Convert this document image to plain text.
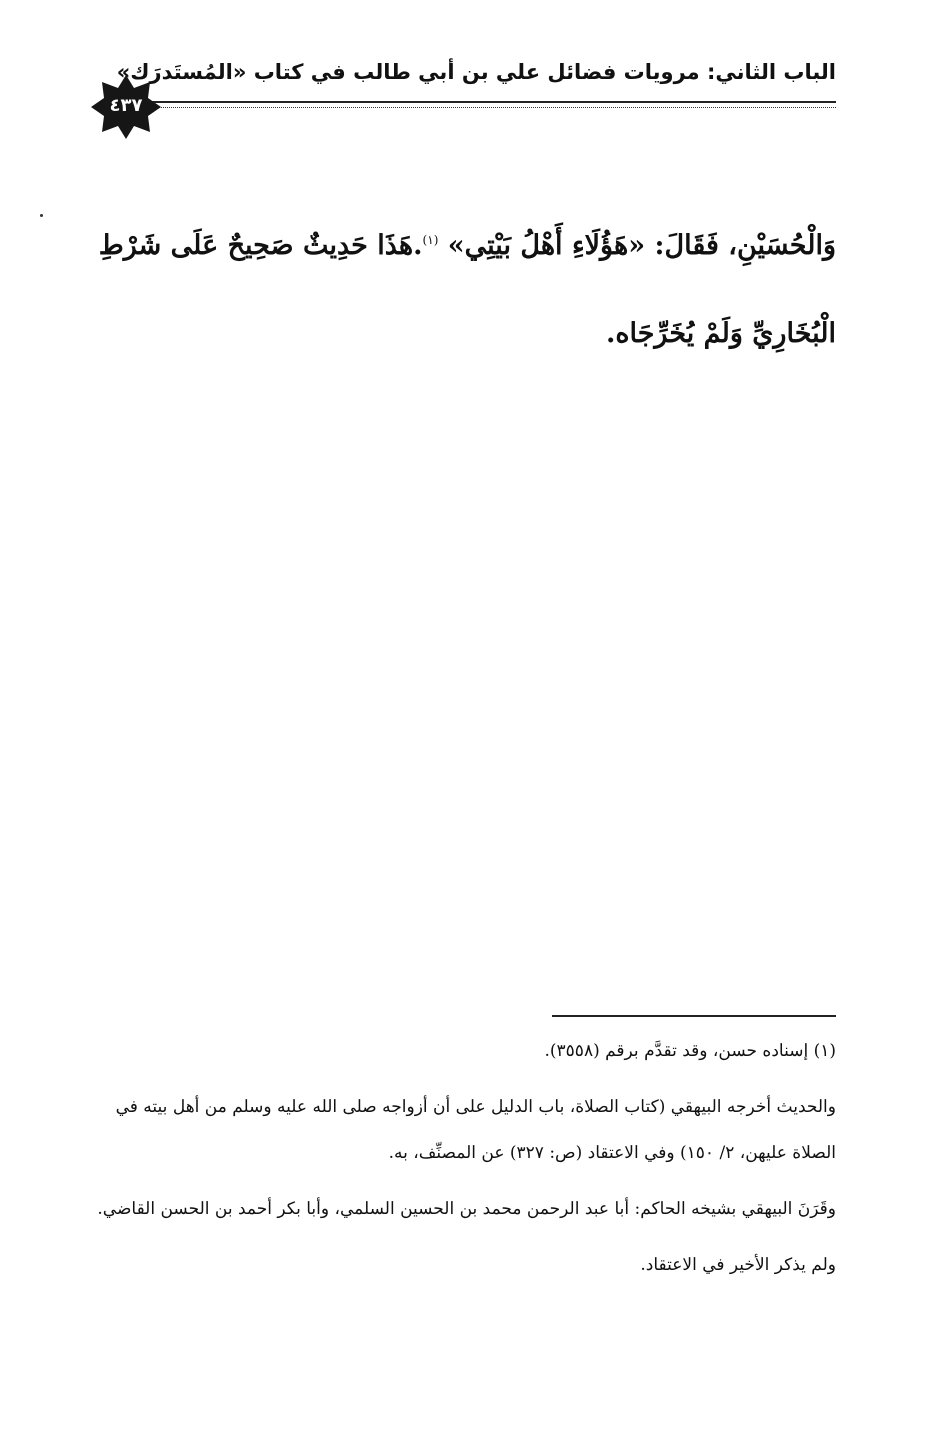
الباب الثاني: مرويات فضائل علي بن أبي طالب في كتاب «المُستَدرَك»
٤٣٧
وَالْحُسَيْنِ، فَقَالَ: «هَؤُلَاءِ أَهْلُ بَيْتِي» $^{(١)}$.هَذَا حَدِيثٌ صَحِيحٌ عَلَى شَرْطِ
الْبُخَارِيِّ وَلَمْ يُخَرِّجَاه.

(١) إسناده حسن، وقد تقدَّم برقم (٣٥٥٨).

والحديث أخرجه البيهقي (كتاب الصلاة، باب الدليل على أن أزواجه صلى الله عليه وسلم من أهل بيته في الصلاة عليهن، ٢/ ١٥٠) وفي الاعتقاد (ص: ٣٢٧) عن المصنِّف، به.

وقَرَنَ البيهقي بشيخه الحاكم: أبا عبد الرحمن محمد بن الحسين السلمي، وأبا بكر أحمد بن الحسن القاضي.

ولم يذكر الأخير في الاعتقاد.
